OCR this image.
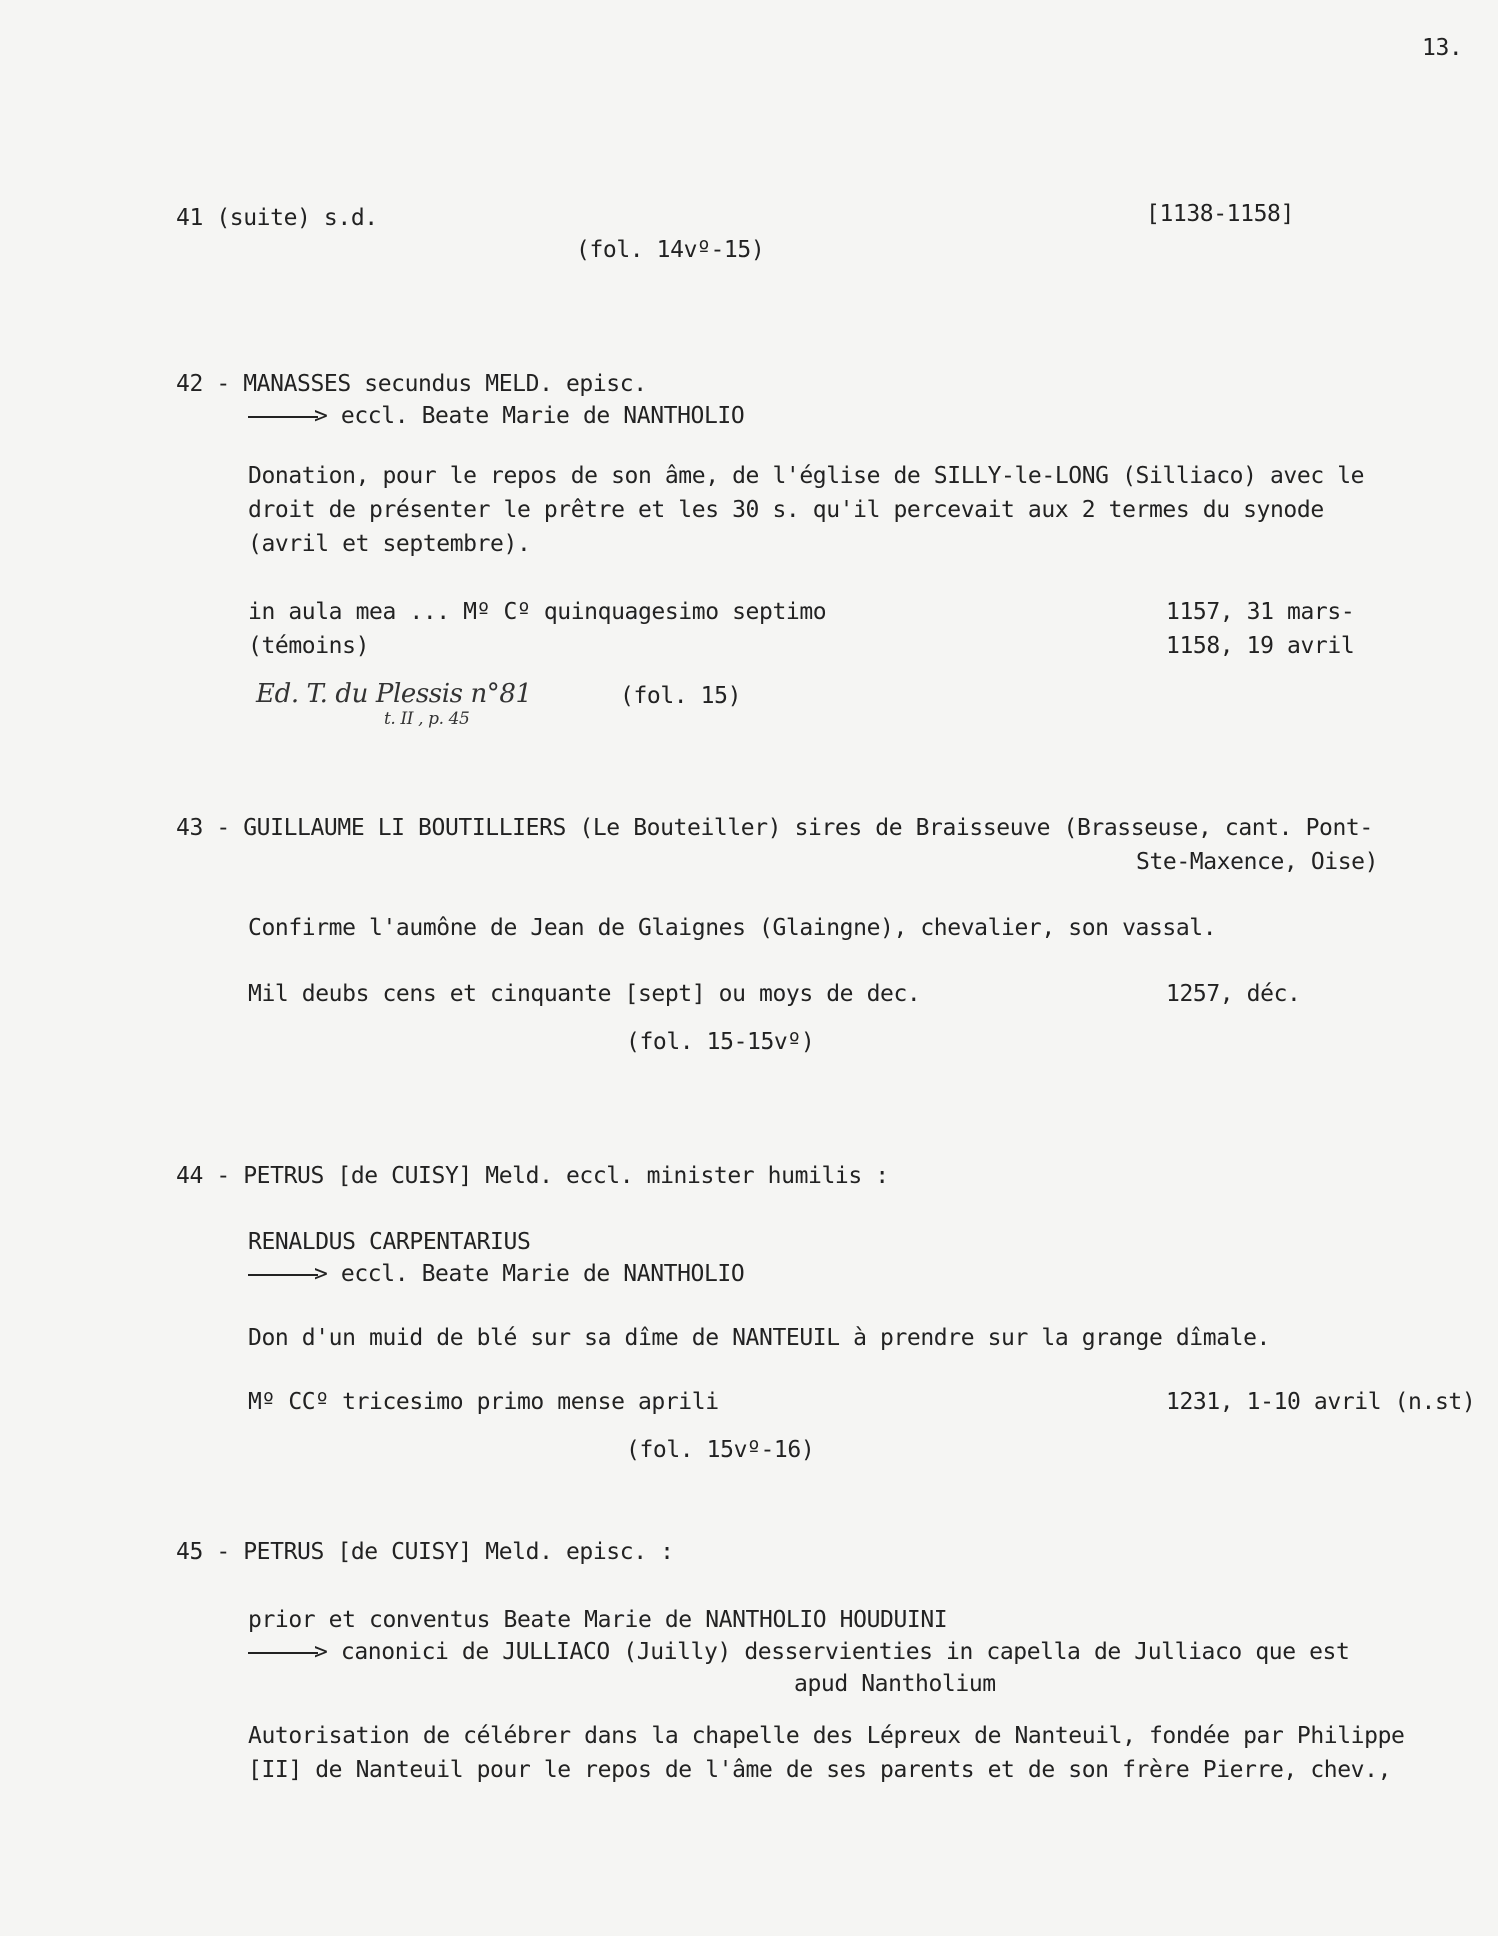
13.
41 (suite) s.d.	[1138-1158]
(fol. 14vº-15)
42 - MANASSES secundus MELD. episc.
> eccl. Beate Marie de NANTHOLIO
Donation, pour le repos de son âme, de l'église de SILLY-le-LONG (Silliaco) avec le
droit de présenter le prêtre et les 30 s. qu'il percevait aux 2 termes du synode
(avril et septembre).
in aula mea ... Mº Cº quinquagesimo septimo	1157, 31 mars-
(témoins)	1158, 19 avril
Ed. T. du Plessis n°81
t. II , p. 45
(fol. 15)
43 - GUILLAUME LI BOUTILLIERS (Le Bouteiller) sires de Braisseuve (Brasseuse, cant. Pont-
Ste-Maxence, Oise)
Confirme l'aumône de Jean de Glaignes (Glaingne), chevalier, son vassal.
Mil deubs cens et cinquante [sept] ou moys de dec.	1257, déc.
(fol. 15-15vº)
44 - PETRUS [de CUISY] Meld. eccl. minister humilis :
RENALDUS CARPENTARIUS
> eccl. Beate Marie de NANTHOLIO
Don d'un muid de blé sur sa dîme de NANTEUIL à prendre sur la grange dîmale.
Mº CCº tricesimo primo mense aprili	1231, 1-10 avril (n.st)
(fol. 15vº-16)
45 - PETRUS [de CUISY] Meld. episc. :
prior et conventus Beate Marie de NANTHOLIO HOUDUINI
> canonici de JULLIACO (Juilly) desservienties in capella de Julliaco que est
apud Nantholium
Autorisation de célébrer dans la chapelle des Lépreux de Nanteuil, fondée par Philippe
[II] de Nanteuil pour le repos de l'âme de ses parents et de son frère Pierre, chev.,
